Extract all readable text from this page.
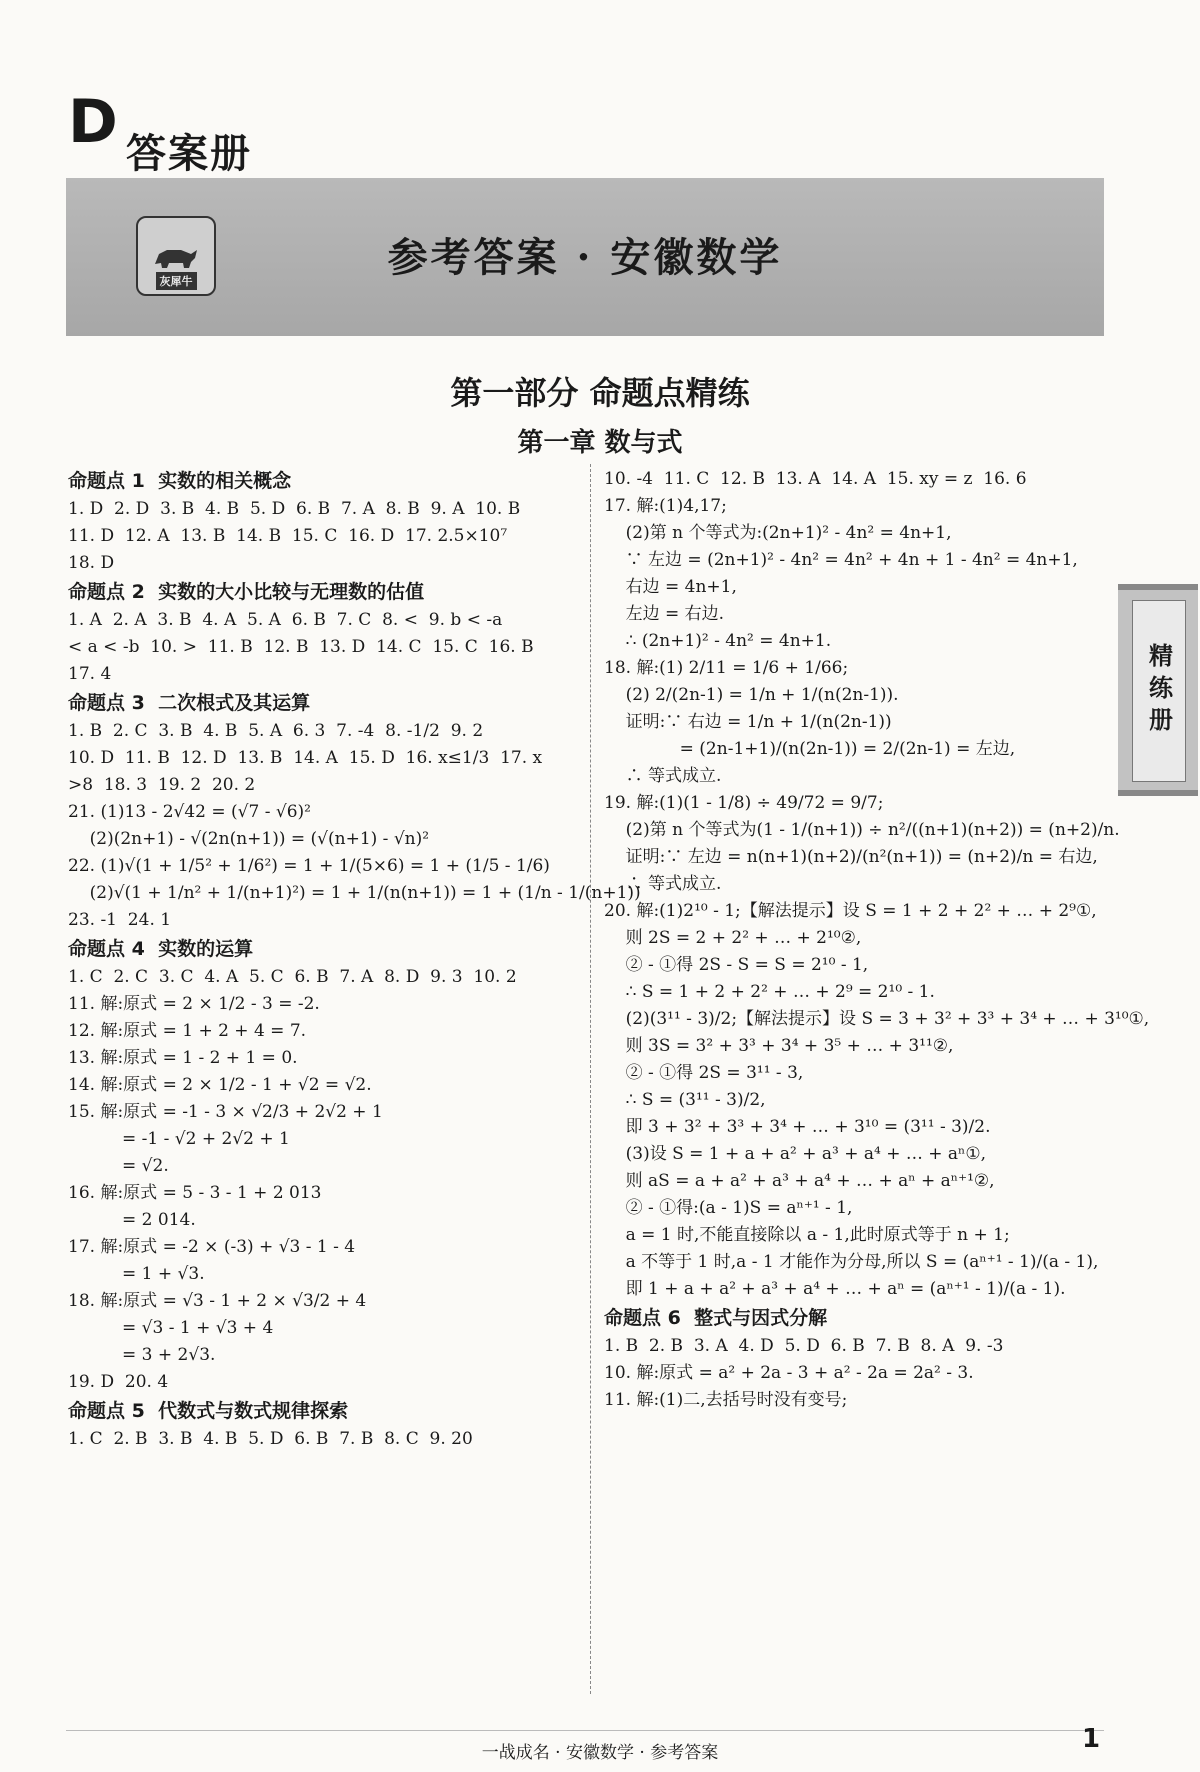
D 答案册
灰犀牛
参考答案 · 安徽数学
第一部分 命题点精练
第一章 数与式
命题点 1  实数的相关概念
1. D  2. D  3. B  4. B  5. D  6. B  7. A  8. B  9. A  10. B
11. D  12. A  13. B  14. B  15. C  16. D  17. 2.5×10⁷
18. D
命题点 2  实数的大小比较与无理数的估值
1. A  2. A  3. B  4. A  5. A  6. B  7. C  8. <  9. b < -a
< a < -b  10. >  11. B  12. B  13. D  14. C  15. C  16. B
17. 4
命题点 3  二次根式及其运算
1. B  2. C  3. B  4. B  5. A  6. 3  7. -4  8. -1/2  9. 2
10. D  11. B  12. D  13. B  14. A  15. D  16. x≤1/3  17. x
>8  18. 3  19. 2  20. 2
21. (1)13 - 2√42 = (√7 - √6)²
(2)(2n+1) - √(2n(n+1)) = (√(n+1) - √n)²
22. (1)√(1 + 1/5² + 1/6²) = 1 + 1/(5×6) = 1 + (1/5 - 1/6)
(2)√(1 + 1/n² + 1/(n+1)²) = 1 + 1/(n(n+1)) = 1 + (1/n - 1/(n+1))
23. -1  24. 1
命题点 4  实数的运算
1. C  2. C  3. C  4. A  5. C  6. B  7. A  8. D  9. 3  10. 2
11. 解:原式 = 2 × 1/2 - 3 = -2.
12. 解:原式 = 1 + 2 + 4 = 7.
13. 解:原式 = 1 - 2 + 1 = 0.
14. 解:原式 = 2 × 1/2 - 1 + √2 = √2.
15. 解:原式 = -1 - 3 × √2/3 + 2√2 + 1
= -1 - √2 + 2√2 + 1
= √2.
16. 解:原式 = 5 - 3 - 1 + 2 013
= 2 014.
17. 解:原式 = -2 × (-3) + √3 - 1 - 4
= 1 + √3.
18. 解:原式 = √3 - 1 + 2 × √3/2 + 4
= √3 - 1 + √3 + 4
= 3 + 2√3.
19. D  20. 4
命题点 5  代数式与数式规律探索
1. C  2. B  3. B  4. B  5. D  6. B  7. B  8. C  9. 20
10. -4  11. C  12. B  13. A  14. A  15. xy = z  16. 6
17. 解:(1)4,17;
(2)第 n 个等式为:(2n+1)² - 4n² = 4n+1,
∵ 左边 = (2n+1)² - 4n² = 4n² + 4n + 1 - 4n² = 4n+1,
右边 = 4n+1,
左边 = 右边.
∴ (2n+1)² - 4n² = 4n+1.
18. 解:(1) 2/11 = 1/6 + 1/66;
(2) 2/(2n-1) = 1/n + 1/(n(2n-1)).
证明:∵ 右边 = 1/n + 1/(n(2n-1))
= (2n-1+1)/(n(2n-1)) = 2/(2n-1) = 左边,
∴ 等式成立.
19. 解:(1)(1 - 1/8) ÷ 49/72 = 9/7;
(2)第 n 个等式为(1 - 1/(n+1)) ÷ n²/((n+1)(n+2)) = (n+2)/n.
证明:∵ 左边 = n(n+1)(n+2)/(n²(n+1)) = (n+2)/n = 右边,
∴ 等式成立.
20. 解:(1)2¹⁰ - 1;【解法提示】设 S = 1 + 2 + 2² + … + 2⁹①,
则 2S = 2 + 2² + … + 2¹⁰②,
② - ①得 2S - S = S = 2¹⁰ - 1,
∴ S = 1 + 2 + 2² + … + 2⁹ = 2¹⁰ - 1.
(2)(3¹¹ - 3)/2;【解法提示】设 S = 3 + 3² + 3³ + 3⁴ + … + 3¹⁰①,
则 3S = 3² + 3³ + 3⁴ + 3⁵ + … + 3¹¹②,
② - ①得 2S = 3¹¹ - 3,
∴ S = (3¹¹ - 3)/2,
即 3 + 3² + 3³ + 3⁴ + … + 3¹⁰ = (3¹¹ - 3)/2.
(3)设 S = 1 + a + a² + a³ + a⁴ + … + aⁿ①,
则 aS = a + a² + a³ + a⁴ + … + aⁿ + aⁿ⁺¹②,
② - ①得:(a - 1)S = aⁿ⁺¹ - 1,
a = 1 时,不能直接除以 a - 1,此时原式等于 n + 1;
a 不等于 1 时,a - 1 才能作为分母,所以 S = (aⁿ⁺¹ - 1)/(a - 1),
即 1 + a + a² + a³ + a⁴ + … + aⁿ = (aⁿ⁺¹ - 1)/(a - 1).
命题点 6  整式与因式分解
1. B  2. B  3. A  4. D  5. D  6. B  7. B  8. A  9. -3
10. 解:原式 = a² + 2a - 3 + a² - 2a = 2a² - 3.
11. 解:(1)二,去括号时没有变号;
精练册
一战成名 · 安徽数学 · 参考答案	1
